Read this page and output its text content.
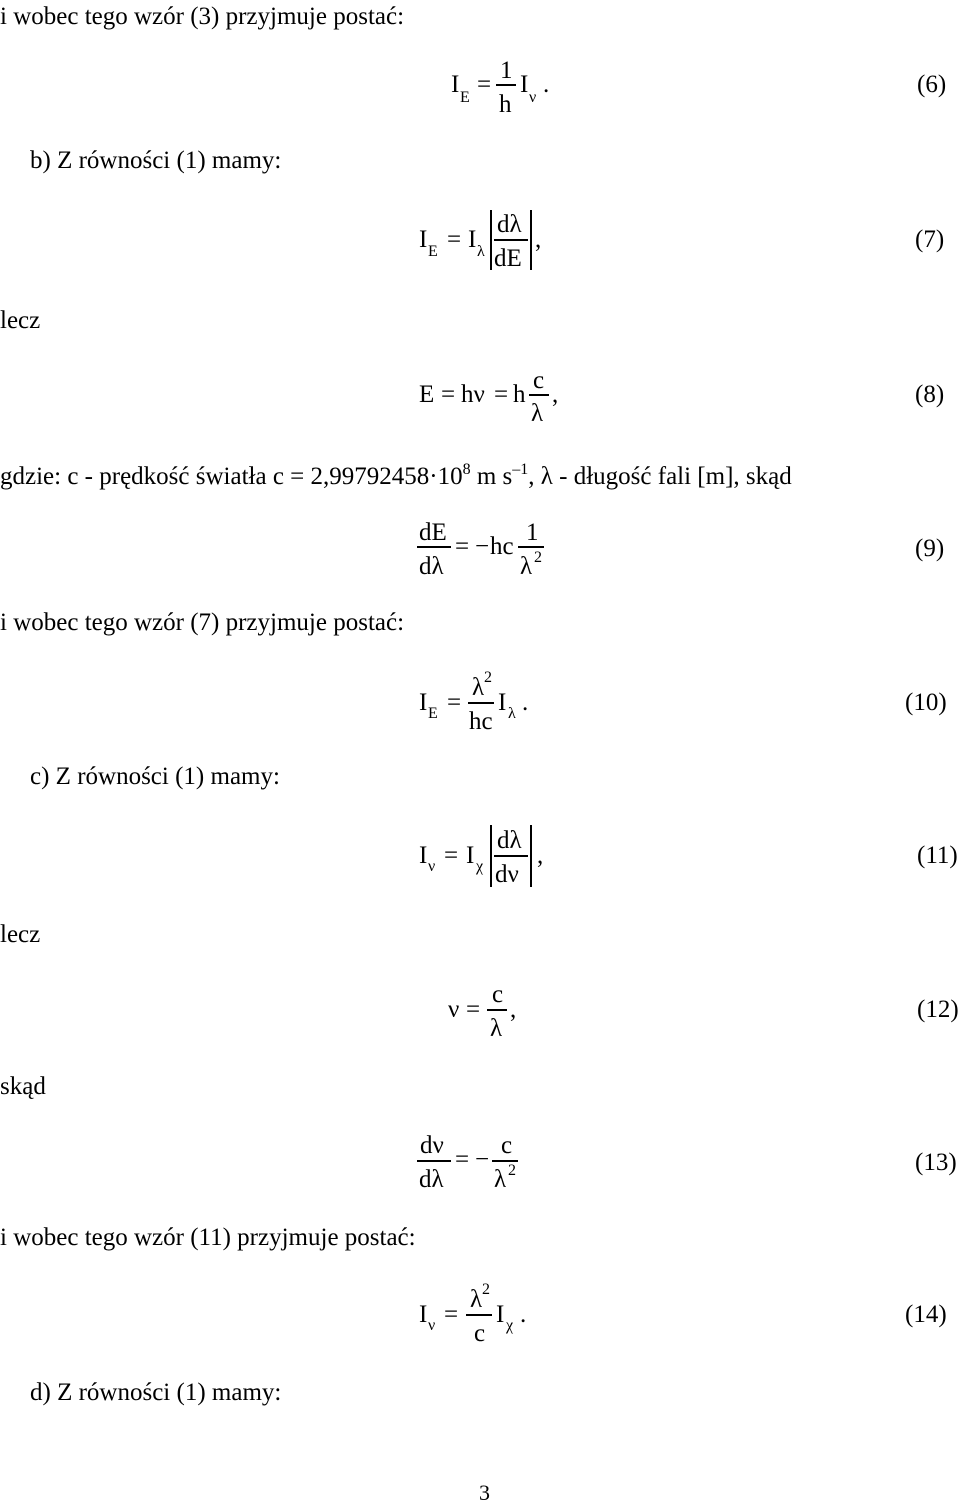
i wobec tego wzór (3) przyjmuje postać:
I E =
1
h
I ν .	(6)
b) Z równości (1) mamy:
I E = I λ
dλ
dE
,	(7)
lecz
E = hν = h
c
λ
,	(8)
gdzie: c - prędkość światła $c = 2,99792458\cdot 10^8$ m $s^{-1}$, λ - długość fali [m], skąd
dE
dλ
= − hc
1
λ 2	(9)
i wobec tego wzór (7) przyjmuje postać:
I E =
λ 2
hc
I λ .	(10)
c) Z równości (1) mamy:
I ν = I χ
dλ
dν
,	(11)
lecz
ν =
c
λ
,	(12)
skąd
dν
dλ
= −
c
λ 2	(13)
i wobec tego wzór (11) przyjmuje postać:
I ν =
λ 2
c
I χ .	(14)
d) Z równości (1) mamy:
3
